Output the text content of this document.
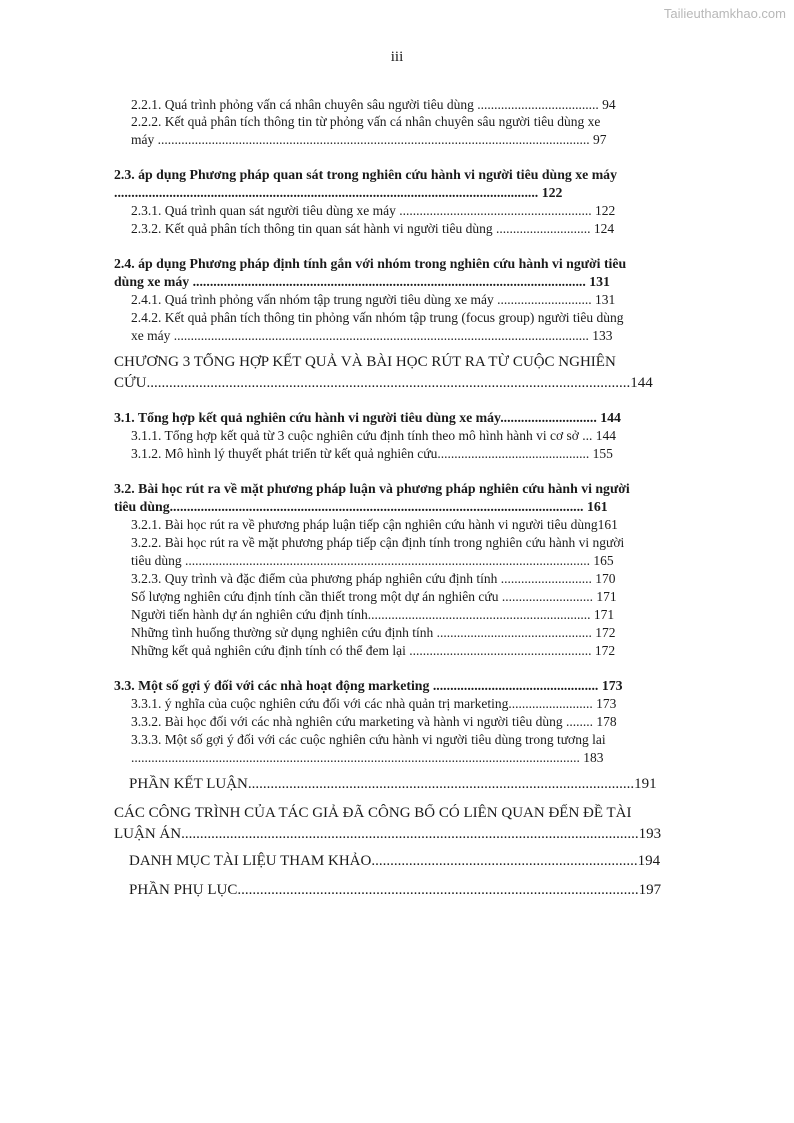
Tailieuthamkhao.com
iii
2.2.1. Quá trình phỏng vấn cá nhân chuyên sâu người tiêu dùng .................................... 94
2.2.2. Kết quả phân tích thông tin từ phỏng vấn cá nhân chuyên sâu người tiêu dùng xe
máy ................................................................................................................................ 97
2.3. áp dụng Phương pháp quan sát trong nghiên cứu hành vi người tiêu dùng xe máy
........................................................................................................................... 122
2.3.1. Quá trình quan sát người tiêu dùng xe máy ......................................................... 122
2.3.2. Kết quả phân tích thông tin quan sát hành vi người tiêu dùng ............................ 124
2.4. áp dụng Phương pháp định tính gắn với nhóm trong nghiên cứu hành vi người tiêu
dùng xe máy .................................................................................................................. 131
2.4.1. Quá trình phỏng vấn nhóm tập trung người tiêu dùng xe máy ............................ 131
2.4.2. Kết quả phân tích thông tin phỏng vấn nhóm tập trung (focus group) người tiêu dùng
xe máy ........................................................................................................................... 133
CHƯƠNG 3 TỔNG HỢP KẾT QUẢ VÀ BÀI HỌC RÚT RA TỪ CUỘC NGHIÊN
CỨU.................................................................................................................................144
3.1. Tổng hợp kết quả nghiên cứu hành vi người tiêu dùng xe máy............................ 144
3.1.1. Tổng hợp kết quả từ 3 cuộc nghiên cứu định tính theo mô hình hành vi cơ sở ... 144
3.1.2. Mô hình lý thuyết phát triển từ kết quả nghiên cứu............................................. 155
3.2. Bài học rút ra về mặt phương pháp luận và phương pháp nghiên cứu hành vi người
tiêu dùng........................................................................................................................ 161
3.2.1. Bài học rút ra về phương pháp luận tiếp cận nghiên cứu hành vi người tiêu dùng161
3.2.2. Bài học rút ra về mặt phương pháp tiếp cận định tính trong nghiên cứu hành vi người
tiêu dùng ........................................................................................................................ 165
3.2.3. Quy trình và đặc điểm của phương pháp nghiên cứu định tính ........................... 170
Số lượng nghiên cứu định tính cần thiết trong một dự án nghiên cứu ........................... 171
Người tiến hành dự án nghiên cứu định tính.................................................................. 171
Những tình huống thường sử dụng nghiên cứu định tính .............................................. 172
Những kết quả nghiên cứu định tính có thể đem lại ...................................................... 172
3.3. Một số gợi ý đối với các nhà hoạt động marketing ................................................ 173
3.3.1. ý nghĩa của cuộc nghiên cứu đối với các nhà quản trị marketing......................... 173
3.3.2. Bài học đối với các nhà nghiên cứu marketing và hành vi người tiêu dùng ........ 178
3.3.3. Một số gợi ý đối với các cuộc nghiên cứu hành vi người tiêu dùng trong tương lai
..................................................................................................................................... 183
PHẦN KẾT LUẬN.......................................................................................................191
CÁC CÔNG TRÌNH CỦA TÁC GIẢ ĐÃ CÔNG BỐ CÓ LIÊN QUAN ĐẾN ĐỀ TÀI
LUẬN ÁN..........................................................................................................................193
DANH MỤC TÀI LIỆU THAM KHẢO.......................................................................194
PHẦN PHỤ LỤC...........................................................................................................197
